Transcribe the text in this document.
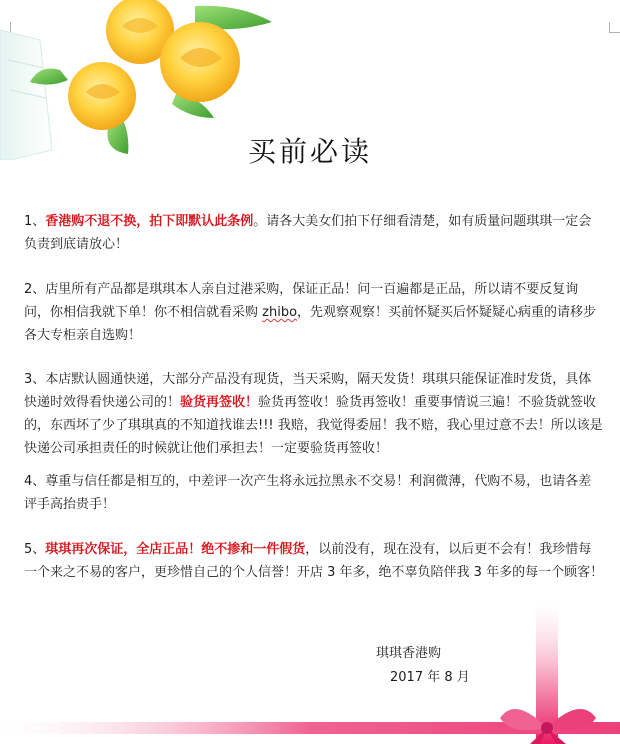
买前必读
1、香港购不退不换，拍下即默认此条例。请各大美女们拍下仔细看清楚，如有质量问题琪琪一定会负责到底请放心！
2、店里所有产品都是琪琪本人亲自过港采购，保证正品！问一百遍都是正品，所以请不要反复询问，你相信我就下单！你不相信就看采购 zhibo，先观察观察！买前怀疑买后怀疑疑心病重的请移步各大专柜亲自选购！
3、本店默认圆通快递，大部分产品没有现货，当天采购，隔天发货！琪琪只能保证准时发货，具体快递时效得看快递公司的！验货再签收！验货再签收！验货再签收！重要事情说三遍！不验货就签收的，东西坏了少了琪琪真的不知道找谁去!!! 我赔，我觉得委屈！我不赔，我心里过意不去！所以该是快递公司承担责任的时候就让他们承担去！一定要验货再签收！
4、尊重与信任都是相互的，中差评一次产生将永远拉黑永不交易！利润微薄，代购不易，也请各差评手高抬贵手！
5、琪琪再次保证，全店正品！绝不掺和一件假货，以前没有，现在没有，以后更不会有！我珍惜每一个来之不易的客户，更珍惜自己的个人信誉！开店 3 年多，绝不辜负陪伴我 3 年多的每一个顾客！
琪琪香港购
2017 年 8 月
